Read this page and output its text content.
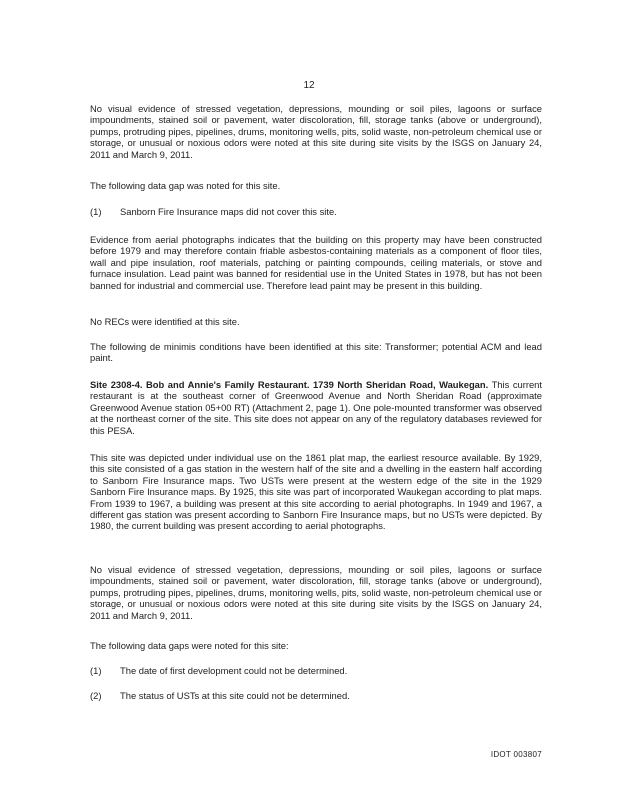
12

No visual evidence of stressed vegetation, depressions, mounding or soil piles, lagoons or surface impoundments, stained soil or pavement, water discoloration, fill, storage tanks (above or underground), pumps, protruding pipes, pipelines, drums, monitoring wells, pits, solid waste, non-petroleum chemical use or storage, or unusual or noxious odors were noted at this site during site visits by the ISGS on January 24, 2011 and March 9, 2011.

The following data gap was noted for this site.

(1) Sanborn Fire Insurance maps did not cover this site.

Evidence from aerial photographs indicates that the building on this property may have been constructed before 1979 and may therefore contain friable asbestos-containing materials as a component of floor tiles, wall and pipe insulation, roof materials, patching or painting compounds, ceiling materials, or stove and furnace insulation. Lead paint was banned for residential use in the United States in 1978, but has not been banned for industrial and commercial use. Therefore lead paint may be present in this building.

No RECs were identified at this site.

The following de minimis conditions have been identified at this site: Transformer; potential ACM and lead paint.

Site 2308-4. Bob and Annie's Family Restaurant. 1739 North Sheridan Road, Waukegan. This current restaurant is at the southeast corner of Greenwood Avenue and North Sheridan Road (approximate Greenwood Avenue station 05+00 RT) (Attachment 2, page 1). One pole-mounted transformer was observed at the northeast corner of the site. This site does not appear on any of the regulatory databases reviewed for this PESA.

This site was depicted under individual use on the 1861 plat map, the earliest resource available. By 1929, this site consisted of a gas station in the western half of the site and a dwelling in the eastern half according to Sanborn Fire Insurance maps. Two USTs were present at the western edge of the site in the 1929 Sanborn Fire Insurance maps. By 1925, this site was part of incorporated Waukegan according to plat maps. From 1939 to 1967, a building was present at this site according to aerial photographs. In 1949 and 1967, a different gas station was present according to Sanborn Fire Insurance maps, but no USTs were depicted. By 1980, the current building was present according to aerial photographs.

No visual evidence of stressed vegetation, depressions, mounding or soil piles, lagoons or surface impoundments, stained soil or pavement, water discoloration, fill, storage tanks (above or underground), pumps, protruding pipes, pipelines, drums, monitoring wells, pits, solid waste, non-petroleum chemical use or storage, or unusual or noxious odors were noted at this site during site visits by the ISGS on January 24, 2011 and March 9, 2011.

The following data gaps were noted for this site:

(1) The date of first development could not be determined.
(2) The status of USTs at this site could not be determined.
IDOT 003807
